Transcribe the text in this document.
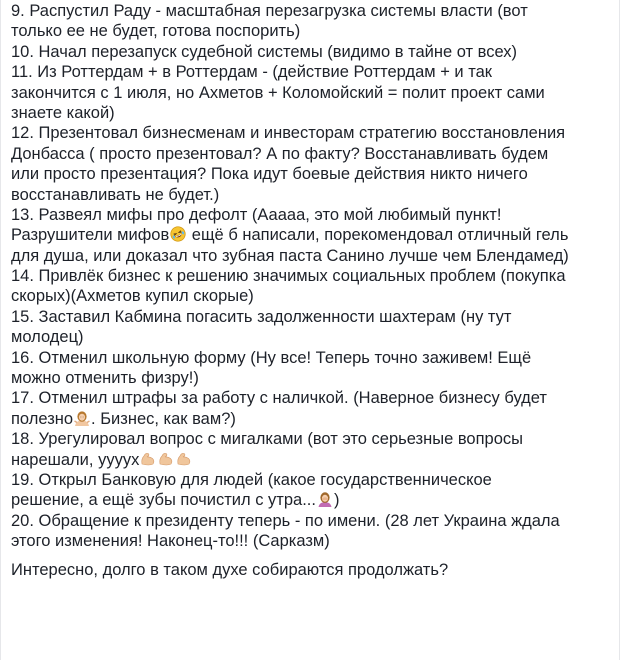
9. Распустил Раду - масштабная перезагрузка системы власти (вот
только ее не будет, готова поспорить)
10. Начал перезапуск судебной системы (видимо в тайне от всех)
11. Из Роттердам + в Роттердам - (действие Роттердам + и так
закончится с 1 июля, но Ахметов + Коломойский = полит проект сами
знаете какой)
12. Презентовал бизнесменам и инвесторам стратегию восстановления
Донбасса ( просто презентовал? А по факту? Восстанавливать будем
или просто презентация? Пока идут боевые действия никто ничего
восстанавливать не будет.)
13. Развеял мифы про дефолт (Ааааа, это мой любимый пункт!
Разрушители мифов ещё б написали, порекомендовал отличный гель
для душа, или доказал что зубная паста Санино лучше чем Блендамед)
14. Привлёк бизнес к решению значимых социальных проблем (покупка
скорых)(Ахметов купил скорые)
15. Заставил Кабмина погасить задолженности шахтерам (ну тут
молодец)
16. Отменил школьную форму (Ну все! Теперь точно заживем! Ещё
можно отменить физру!)
17. Отменил штрафы за работу с наличкой. (Наверное бизнесу будет
полезно . Бизнес, как вам?)
18. Урегулировал вопрос с мигалками (вот это серьезные вопросы
нарешали, уууух
19. Открыл Банковую для людей (какое государственническое
решение, а ещё зубы почистил с утра... )
20. Обращение к президенту теперь - по имени. (28 лет Украина ждала
этого изменения! Наконец-то!!! (Сарказм)
Интересно, долго в таком духе собираются продолжать?
